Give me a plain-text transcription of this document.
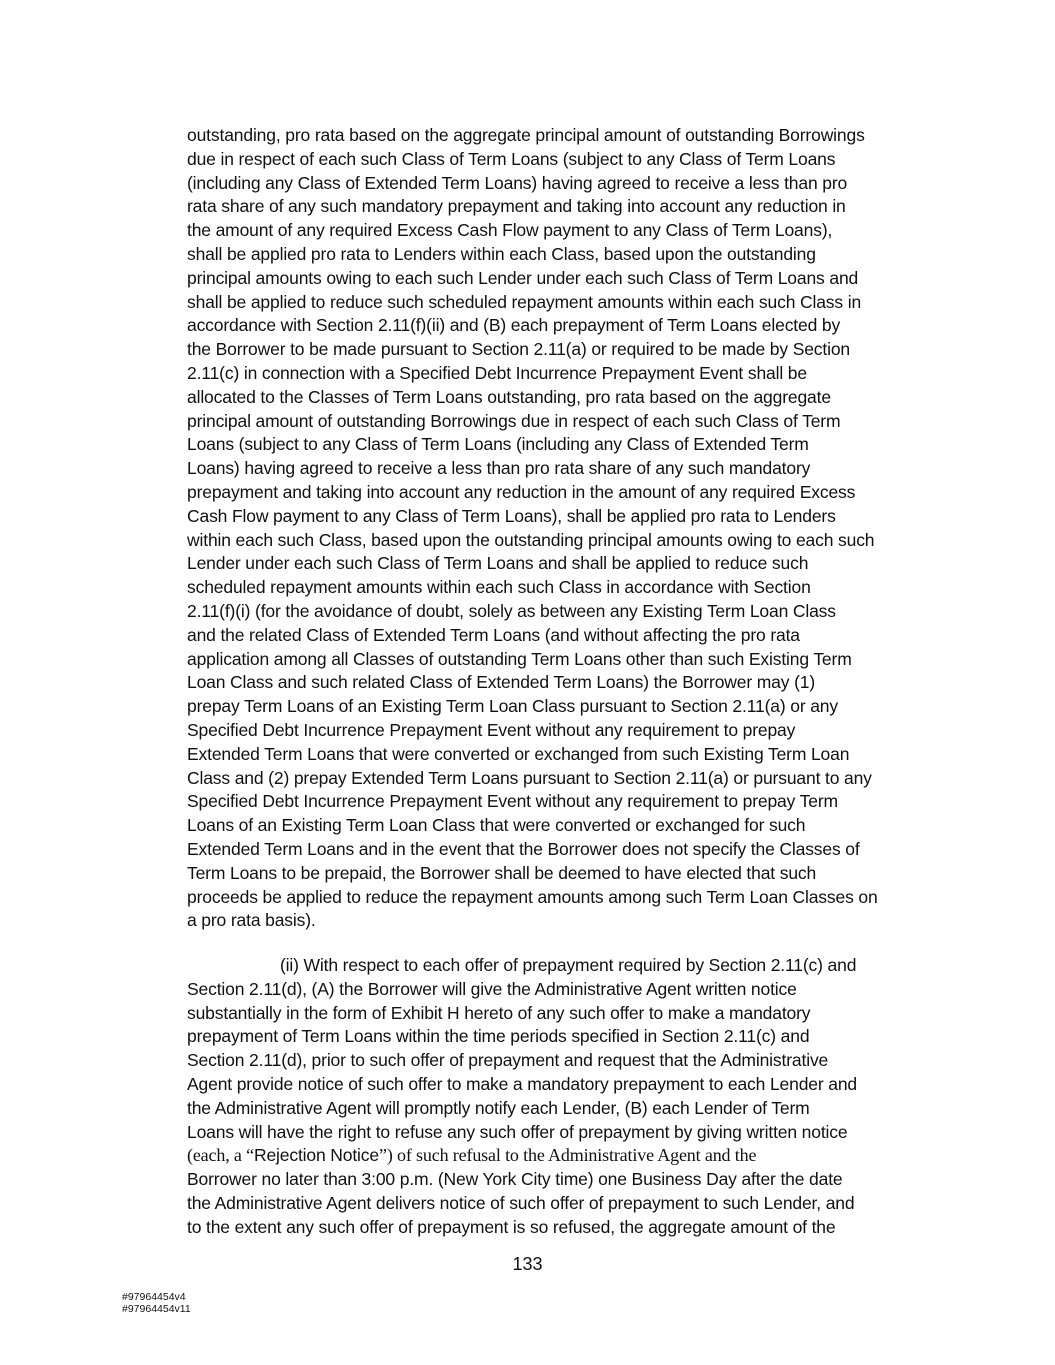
outstanding, pro rata based on the aggregate principal amount of outstanding Borrowings
due in respect of each such Class of Term Loans (subject to any Class of Term Loans
(including any Class of Extended Term Loans) having agreed to receive a less than pro
rata share of any such mandatory prepayment and taking into account any reduction in
the amount of any required Excess Cash Flow payment to any Class of Term Loans),
shall be applied pro rata to Lenders within each Class, based upon the outstanding
principal amounts owing to each such Lender under each such Class of Term Loans and
shall be applied to reduce such scheduled repayment amounts within each such Class in
accordance with Section 2.11(f)(ii) and (B) each prepayment of Term Loans elected by
the Borrower to be made pursuant to Section 2.11(a) or required to be made by Section
2.11(c) in connection with a Specified Debt Incurrence Prepayment Event shall be
allocated to the Classes of Term Loans outstanding, pro rata based on the aggregate
principal amount of outstanding Borrowings due in respect of each such Class of Term
Loans (subject to any Class of Term Loans (including any Class of Extended Term
Loans) having agreed to receive a less than pro rata share of any such mandatory
prepayment and taking into account any reduction in the amount of any required Excess
Cash Flow payment to any Class of Term Loans), shall be applied pro rata to Lenders
within each such Class, based upon the outstanding principal amounts owing to each such
Lender under each such Class of Term Loans and shall be applied to reduce such
scheduled repayment amounts within each such Class in accordance with Section
2.11(f)(i) (for the avoidance of doubt, solely as between any Existing Term Loan Class
and the related Class of Extended Term Loans (and without affecting the pro rata
application among all Classes of outstanding Term Loans other than such Existing Term
Loan Class and such related Class of Extended Term Loans) the Borrower may (1)
prepay Term Loans of an Existing Term Loan Class pursuant to Section 2.11(a) or any
Specified Debt Incurrence Prepayment Event without any requirement to prepay
Extended Term Loans that were converted or exchanged from such Existing Term Loan
Class and (2) prepay Extended Term Loans pursuant to Section 2.11(a) or pursuant to any
Specified Debt Incurrence Prepayment Event without any requirement to prepay Term
Loans of an Existing Term Loan Class that were converted or exchanged for such
Extended Term Loans and in the event that the Borrower does not specify the Classes of
Term Loans to be prepaid, the Borrower shall be deemed to have elected that such
proceeds be applied to reduce the repayment amounts among such Term Loan Classes on
a pro rata basis).
(ii) With respect to each offer of prepayment required by Section 2.11(c) and
Section 2.11(d), (A) the Borrower will give the Administrative Agent written notice
substantially in the form of Exhibit H hereto of any such offer to make a mandatory
prepayment of Term Loans within the time periods specified in Section 2.11(c) and
Section 2.11(d), prior to such offer of prepayment and request that the Administrative
Agent provide notice of such offer to make a mandatory prepayment to each Lender and
the Administrative Agent will promptly notify each Lender, (B) each Lender of Term
Loans will have the right to refuse any such offer of prepayment by giving written notice
(each, a “Rejection Notice”) of such refusal to the Administrative Agent and the
Borrower no later than 3:00 p.m. (New York City time) one Business Day after the date
the Administrative Agent delivers notice of such offer of prepayment to such Lender, and
to the extent any such offer of prepayment is so refused, the aggregate amount of the
133
#97964454v4
#97964454v11
